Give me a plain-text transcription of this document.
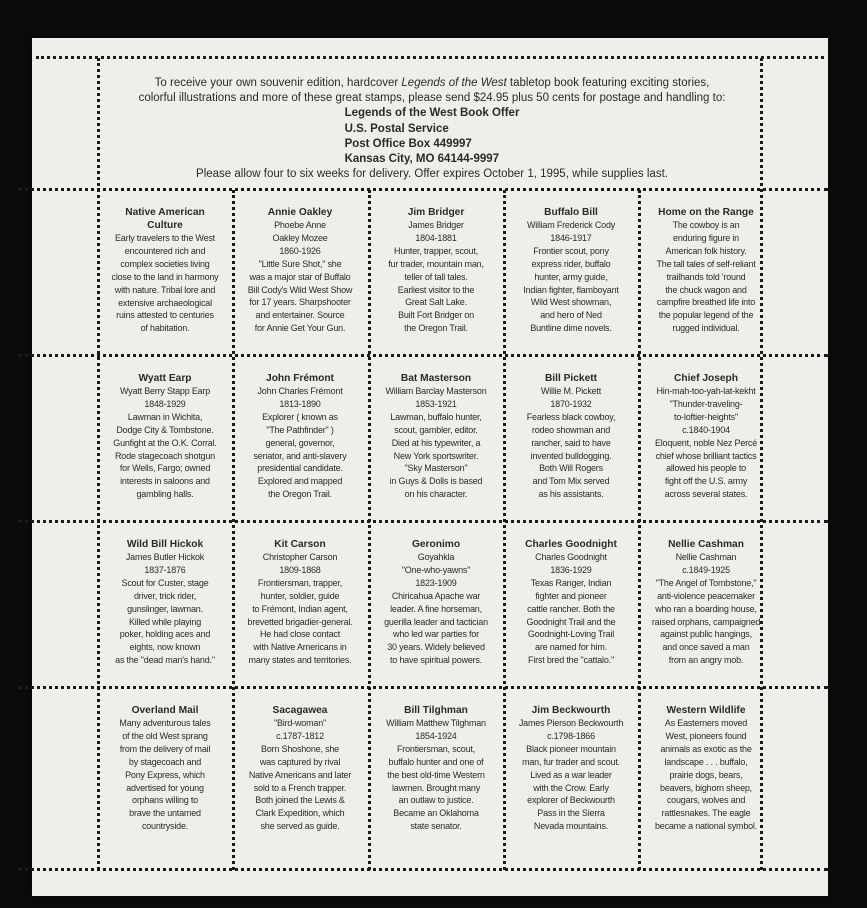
To receive your own souvenir edition, hardcover Legends of the West tabletop book featuring exciting stories,

colorful illustrations and more of these great stamps, please send $24.95 plus 50 cents for postage and handling to:

Legends of the West Book Offer
U.S. Postal Service
Post Office Box 449997
Kansas City, MO 64144-9997

Please allow four to six weeks for delivery. Offer expires October 1, 1995, while supplies last.

Native American
Culture
Early travelers to the West
encountered rich and
complex societies living
close to the land in harmony
with nature. Tribal lore and
extensive archaeological
ruins attested to centuries
of habitation.
Annie Oakley
Phoebe Anne
Oakley Mozee
1860-1926
"Little Sure Shot," she
was a major star of Buffalo
Bill Cody's Wild West Show
for 17 years. Sharpshooter
and entertainer. Source
for Annie Get Your Gun.
Jim Bridger
James Bridger
1804-1881
Hunter, trapper, scout,
fur trader, mountain man,
teller of tall tales.
Earliest visitor to the
Great Salt Lake.
Built Fort Bridger on
the Oregon Trail.
Buffalo Bill
William Frederick Cody
1846-1917
Frontier scout, pony
express rider, buffalo
hunter, army guide,
Indian fighter, flamboyant
Wild West showman,
and hero of Ned
Buntline dime novels.
Home on the Range
The cowboy is an
enduring figure in
American folk history.
The tall tales of self-reliant
trailhands told 'round
the chuck wagon and
campfire breathed life into
the popular legend of the
rugged individual.
Wyatt Earp
Wyatt Berry Stapp Earp
1848-1929
Lawman in Wichita,
Dodge City & Tombstone.
Gunfight at the O.K. Corral.
Rode stagecoach shotgun
for Wells, Fargo; owned
interests in saloons and
gambling halls.
John Frémont
John Charles Frémont
1813-1890
Explorer ( known as
"The Pathfinder" )
general, governor,
senator, and anti-slavery
presidential candidate.
Explored and mapped
the Oregon Trail.
Bat Masterson
William Barclay Masterson
1853-1921
Lawman, buffalo hunter,
scout, gambler, editor.
Died at his typewriter, a
New York sportswriter.
"Sky Masterson"
in Guys & Dolls is based
on his character.
Bill Pickett
Willie M. Pickett
1870-1932
Fearless black cowboy,
rodeo showman and
rancher, said to have
invented bulldogging.
Both Will Rogers
and Tom Mix served
as his assistants.
Chief Joseph
Hin-mah-too-yah-lat-kekht
"Thunder-traveling-
to-loftier-heights"
c.1840-1904
Eloquent, noble Nez Percé
chief whose brilliant tactics
allowed his people to
fight off the U.S. army
across several states.
Wild Bill Hickok
James Butler Hickok
1837-1876
Scout for Custer, stage
driver, trick rider,
gunslinger, lawman.
Killed while playing
poker, holding aces and
eights, now known
as the "dead man's hand."
Kit Carson
Christopher Carson
1809-1868
Frontiersman, trapper,
hunter, soldier, guide
to Frémont, Indian agent,
brevetted brigadier-general.
He had close contact
with Native Americans in
many states and territories.
Geronimo
Goyahkla
"One-who-yawns"
1823-1909
Chiricahua Apache war
leader. A fine horseman,
guerilla leader and tactician
who led war parties for
30 years. Widely believed
to have spiritual powers.
Charles Goodnight
Charles Goodnight
1836-1929
Texas Ranger, Indian
fighter and pioneer
cattle rancher. Both the
Goodnight Trail and the
Goodnight-Loving Trail
are named for him.
First bred the "cattalo."
Nellie Cashman
Nellie Cashman
c.1849-1925
"The Angel of Tombstone,"
anti-violence peacemaker
who ran a boarding house,
raised orphans, campaigned
against public hangings,
and once saved a man
from an angry mob.
Overland Mail
Many adventurous tales
of the old West sprang
from the delivery of mail
by stagecoach and
Pony Express, which
advertised for young
orphans willing to
brave the untamed
countryside.
Sacagawea
"Bird-woman"
c.1787-1812
Born Shoshone, she
was captured by rival
Native Americans and later
sold to a French trapper.
Both joined the Lewis &
Clark Expedition, which
she served as guide.
Bill Tilghman
William Matthew Tilghman
1854-1924
Frontiersman, scout,
buffalo hunter and one of
the best old-time Western
lawmen. Brought many
an outlaw to justice.
Became an Oklahoma
state senator.
Jim Beckwourth
James Pierson Beckwourth
c.1798-1866
Black pioneer mountain
man, fur trader and scout.
Lived as a war leader
with the Crow. Early
explorer of Beckwourth
Pass in the Sierra
Nevada mountains.
Western Wildlife
As Easterners moved
West, pioneers found
animals as exotic as the
landscape . . . buffalo,
prairie dogs, bears,
beavers, bighorn sheep,
cougars, wolves and
rattlesnakes. The eagle
became a national symbol.
